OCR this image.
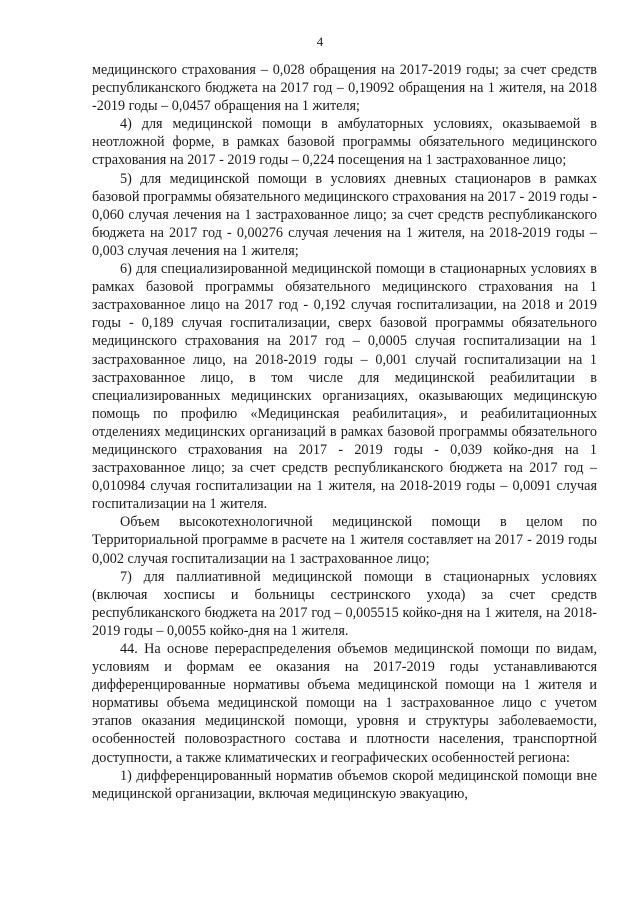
4

медицинского страхования – 0,028 обращения на 2017-2019 годы; за счет средств республиканского бюджета на 2017 год – 0,19092 обращения на 1 жителя, на 2018 -2019 годы – 0,0457 обращения на 1 жителя;

4) для медицинской помощи в амбулаторных условиях, оказываемой в неотложной форме, в рамках базовой программы обязательного медицинского страхования на 2017 - 2019 годы – 0,224 посещения на 1 застрахованное лицо;

5) для медицинской помощи в условиях дневных стационаров в рамках базовой программы обязательного медицинского страхования на 2017 - 2019 годы - 0,060 случая лечения на 1 застрахованное лицо; за счет средств республиканского бюджета на 2017 год - 0,00276 случая лечения на 1 жителя, на 2018-2019 годы – 0,003 случая лечения на 1 жителя;

6) для специализированной медицинской помощи в стационарных условиях в рамках базовой программы обязательного медицинского страхования на 1 застрахованное лицо на 2017 год - 0,192 случая госпитализации, на 2018 и 2019 годы - 0,189 случая госпитализации, сверх базовой программы обязательного медицинского страхования на 2017 год – 0,0005 случая госпитализации на 1 застрахованное лицо, на 2018-2019 годы – 0,001 случай госпитализации на 1 застрахованное лицо, в том числе для медицинской реабилитации в специализированных медицинских организациях, оказывающих медицинскую помощь по профилю «Медицинская реабилитация», и реабилитационных отделениях медицинских организаций в рамках базовой программы обязательного медицинского страхования на 2017 - 2019 годы - 0,039 койко-дня на 1 застрахованное лицо; за счет средств республиканского бюджета на 2017 год – 0,010984 случая госпитализации на 1 жителя, на 2018-2019 годы – 0,0091 случая госпитализации на 1 жителя.

Объем высокотехнологичной медицинской помощи в целом по Территориальной программе в расчете на 1 жителя составляет на 2017 - 2019 годы 0,002 случая госпитализации на 1 застрахованное лицо;

7) для паллиативной медицинской помощи в стационарных условиях (включая хосписы и больницы сестринского ухода) за счет средств республиканского бюджета на 2017 год – 0,005515 койко-дня на 1 жителя, на 2018-2019 годы – 0,0055 койко-дня на 1 жителя.

44. На основе перераспределения объемов медицинской помощи по видам, условиям и формам ее оказания на 2017-2019 годы устанавливаются дифференцированные нормативы объема медицинской помощи на 1 жителя и нормативы объема медицинской помощи на 1 застрахованное лицо с учетом этапов оказания медицинской помощи, уровня и структуры заболеваемости, особенностей половозрастного состава и плотности населения, транспортной доступности, а также климатических и географических особенностей региона:

1) дифференцированный норматив объемов скорой медицинской помощи вне медицинской организации, включая медицинскую эвакуацию,
